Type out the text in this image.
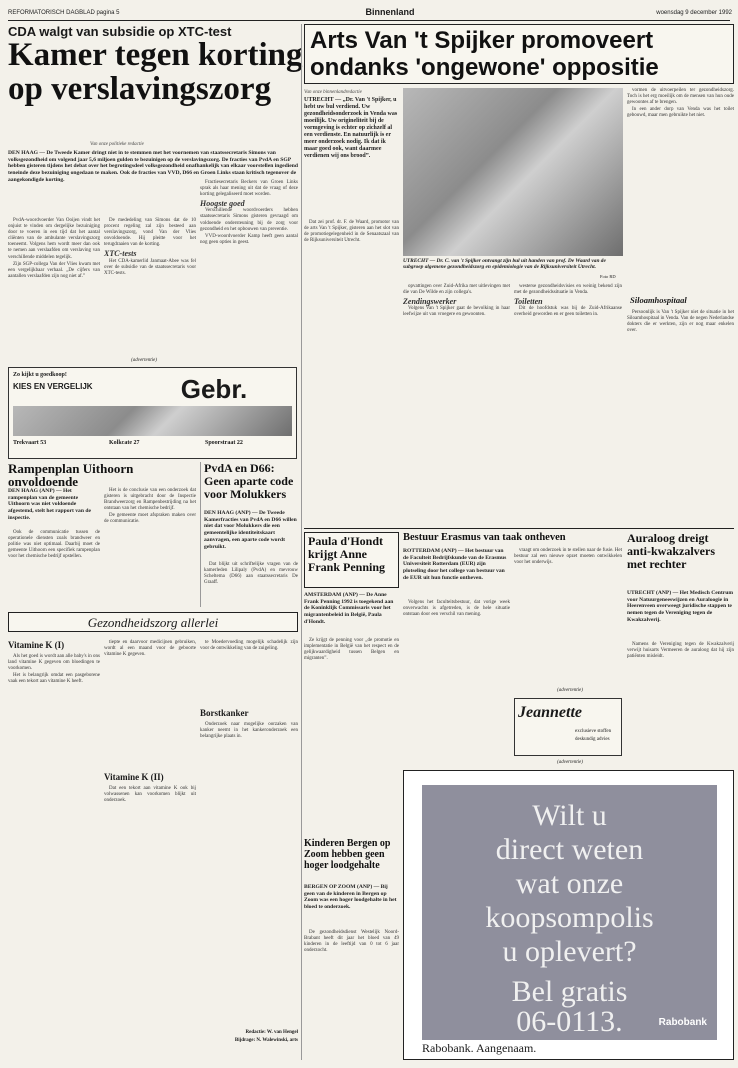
REFORMATORISCH DAGBLAD pagina 5	Binnenland	woensdag 9 december 1992
CDA walgt van subsidie op XTC-test
Kamer tegen korting op verslavingszorg
Van onze politieke redactie
DEN HAAG — De Tweede Kamer dringt niet in te stemmen met het voornemen van staatssecretaris Simons van volksgezondheid om volgend jaar 5,6 miljoen gulden te bezuinigen op de verslavingszorg. De fracties van PvdA en SGP hebben gisteren tijdens het debat over het begrotingsdeel volksgezondheid onafhankelijk van elkaar voorstellen ingediend teneinde deze bezuiniging ongedaan te maken. Ook de fracties van VVD, D66 en Groen Links staan kritisch tegenover de aangekondigde korting.

PvdA-woordvoerder Van Ooijen vindt het onjuist te vinden om dergelijke bezuiniging door te voeren in een tijd dat het aantal cliënten van de ambulante verslavingszorg toeneemt. Volgens hem wordt meer dan ook te nemen aan verslaafden om verslaving van verschillende middelen tegelijk.

Zijn SGP-collega Van der Vlies kwam met een vergelijkbaar verhaal. „De cijfers van aantallen verslaafden zijn nog niet af.”

De mededeling van Simons dat de 10 procent regeling zal zijn besteed aan verslavingszorg, vond Van der Vlies onvoldoende. Hij pleitte voor het terugdraaien van de korting.

XTC-tests

Het CDA-kamerlid Janmaat-Abee was fel over de subsidie van de staatssecretaris voor XTC-tests.

Fractiesecretaris Beckers van Groen Links sprak als haar mening uit dat de vraag of deze korting gelegaliseerd moet worden.

Hoogste goed

Verschillende woordvoerders hebben staatssecretaris Simons gisteren gevraagd om voldoende ondersteuning bij de zorg voor gezondheid en het opbouwen van preventie.

VVD-woordvoerder Kamp heeft geen aantal nog geen opties in geest.

(advertentie)
Zo kijkt u goedkoop!
KIES EN VERGELIJK	Gebr.
Trekvaart 53	Kolkcate 27	Spoorstraat 22
Rampenplan Uithoorn onvoldoende
DEN HAAG (ANP) — Het rampenplan van de gemeente Uithoorn was niet voldoende afgestemd, stelt het rapport van de inspectie.

Ook de communicatie tussen de operationele diensten zoals brandweer en politie was niet optimaal. Daarbij moet de gemeente Uithoorn een specifiek rampenplan voor het chemische bedrijf opstellen.

Het is de conclusie van een onderzoek dat gisteren is uitgebracht door de Inspectie Brandweerzorg en Rampenbestrijding na het ontstaan van het chemische bedrijf.

De gemeente moet afspraken maken over de communicatie.

PvdA en D66: Geen aparte code voor Molukkers
DEN HAAG (ANP) — De Tweede Kamerfracties van PvdA en D66 willen niet dat voor Molukkers die een gemeentelijke identiteitskaart aanvragen, een aparte code wordt gebruikt.

Dat blijkt uit schriftelijke vragen van de kamerleden Lilipaly (PvdA) en mevrouw Scheltema (D66) aan staatssecretaris De Graaff.

Arts Van 't Spijker promoveert ondanks 'ongewone' oppositie
Van onze binnenlandredactie
UTRECHT — „Dr. Van 't Spijker, u hebt uw bul verdiend. Uw gezondheidsonderzoek in Venda was moeilijk. Uw origineliteit bij de vormgeving is echter op zichzelf al een verdienste. En natuurlijk is er meer onderzoek nodig. Ik dat ik maar goed ook, want daarmee verdienen wij ons brood”.

Dat zei prof. dr. F. de Waard, promotor van de arts Van 't Spijker, gisteren aan het slot van de promotiegelegenheid in de Senaatszaal van de Rijksuniversiteit Utrecht.

UTRECHT — Dr. C. van 't Spijker ontvangt zijn bul uit handen van prof. De Waard van de subgroep algemene gezondheidszorg en epidemiologie van de Rijksuniversiteit Utrecht.
Foto RD

vormen de uitvoerpeilen ter gezondheidszorg. Toch is het erg moeilijk om de mensen van hun oude gewoontes af te brengen.

In een ander dorp van Venda was het toilet gebouwd, maar men gebruikte het niet.

Siloamhospitaal

Persoonlijk is Van 't Spijker niet de situatie in het Siloamhospitaal in Venda. Van de negen Nederlandse dokters die er werkten, zijn er nog maar enkelen over.

opvattingen over Zuid-Afrika met uitlevingen met die van De Wilde en zijn collega's.

Zendingswerker

Volgens Van 't Spijker gaat de bevolking in haar leefwijze uit van vroegere en gewoonten.

westerse gezondheidsvisies en weinig bekend zijn met de gezondheidssituatie in Venda.

Toiletten

Dit de hoofdstuk was bij de Zuid-Afrikaanse overheid geworden en er geen toiletten in.

Gezondheidszorg allerlei
Vitamine K (I)

Als het goed is wordt aan alle baby's in ons land vitamine K gegeven om bloedingen te voorkomen.

Het is belangrijk omdat een pasgeborene vaak een tekort aan vitamine K heeft.

tiepte en daarvoor medicijnen gebruiken, wordt al een maand voor de geboorte vitamine K gegeven.

Vitamine K (II)

Dat een tekort aan vitamine K ook bij volwassenen kan voorkomen blijkt uit onderzoek.

te Moedervoeding mogelijk schadelijk zijn voor de ontwikkeling van de zuigeling.

Borstkanker

Onderzoek naar mogelijke oorzaken van kanker neemt in het kankeronderzoek een belangrijke plaats in.

Redactie: W. van Hengel
Bijdrage: N. Walewinski, arts
Paula d'Hondt krijgt Anne Frank Penning
AMSTERDAM (ANP) — De Anne Frank Penning 1992 is toegekend aan de Koninklijk Commissaris voor het migrantenbeleid in België, Paula d'Hondt.

Ze krijgt de penning voor „de promotie en implementatie in België van het respect en de gelijkwaardigheid tussen Belgen en migranten”.

Kinderen Bergen op Zoom hebben geen hoger loodgehalte
BERGEN OP ZOOM (ANP) — Bij geen van de kinderen in Bergen op Zoom was een hoger loodgehalte in het bloed te onderzoek.

De gezondheidsdienst Westelijk Noord-Brabant heeft dit jaar het bloed van 49 kinderen in de leeftijd van 0 tot 6 jaar onderzocht.

Bestuur Erasmus van taak ontheven
ROTTERDAM (ANP) — Het bestuur van de Faculteit Bedrijfskunde van de Erasmus Universiteit Rotterdam (EUR) zijn plotseling door het college van bestuur van de EUR uit hun functie ontheven.

Volgens het faculteitsbestuur, dat vorige week onverwachts is afgetreden, is de hele situatie ontstaan door een verschil van mening.

vraagt om onderzoek in te stellen naar de fusie. Het bestuur zal een nieuwe opzet moeten ontwikkelen voor het onderwijs.

Auraloog dreigt anti-kwakzalvers met rechter
UTRECHT (ANP) — Het Medisch Centrum voor Natuurgeneeswijzen en Auraloogie in Heerenveen overweegt juridische stappen te nemen tegen de Vereniging tegen de Kwakzalverij.

Namens de Vereniging tegen de Kwakzalverij verwijt huisarts Vermeeren de auraloog dat hij zijn patiënten misleidt.

(advertentie)
Jeannette
exclusieve stoffen
deskundig advies
(advertentie)
Wilt u
direct weten
wat onze
koopsompolis
u oplevert?
Bel gratis
06-0113.	Rabobank
Rabobank. Aangenaam.
